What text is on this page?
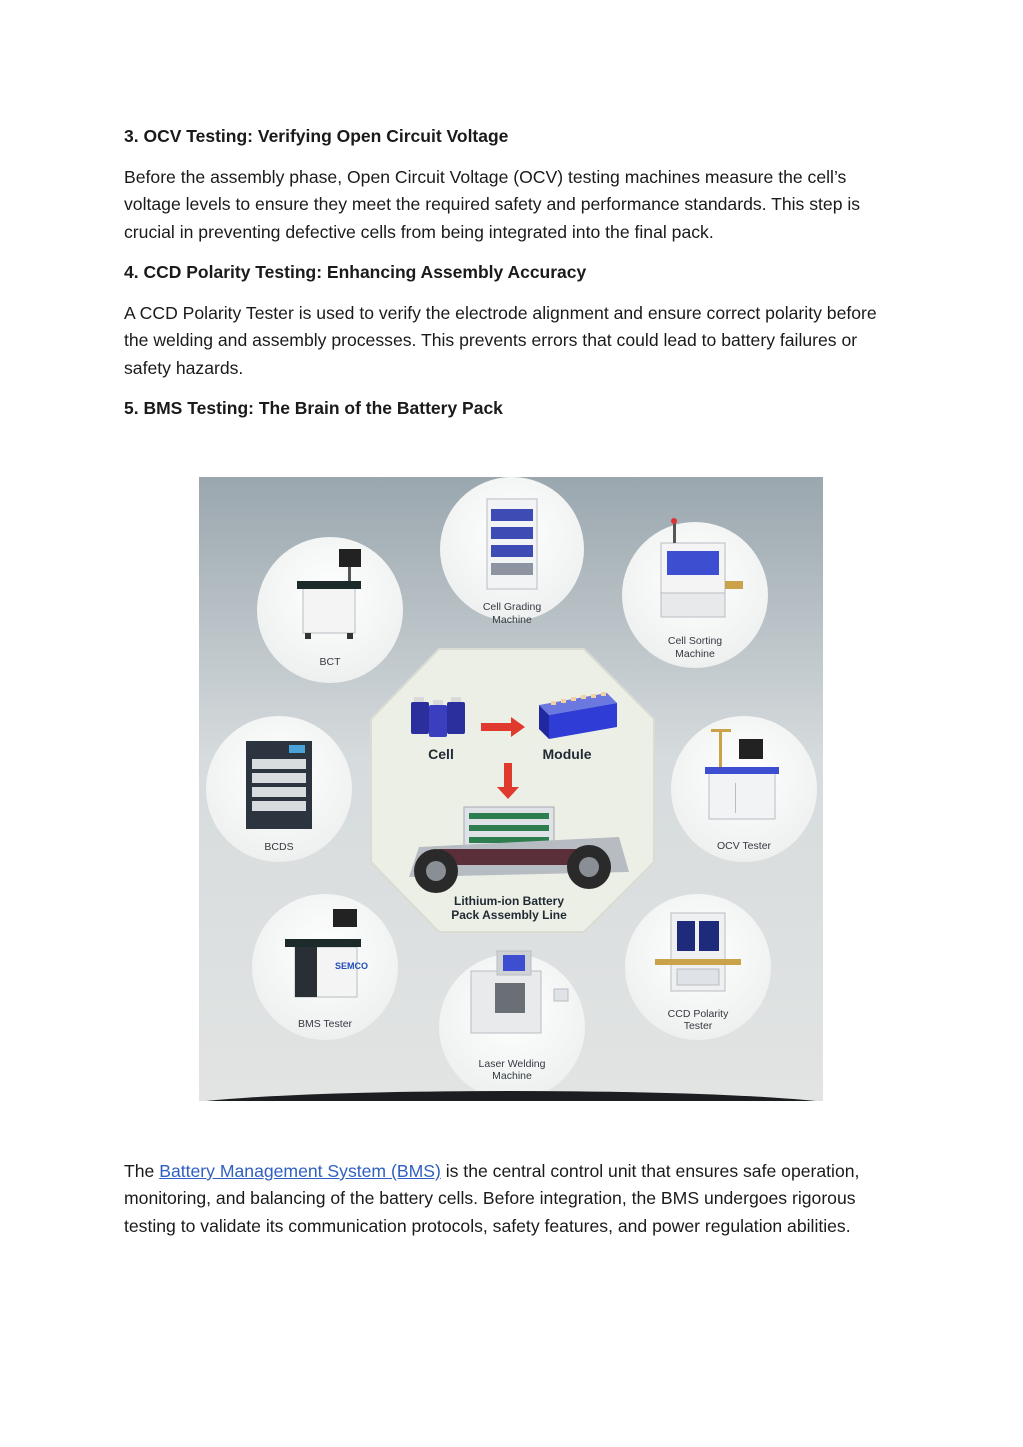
3. OCV Testing: Verifying Open Circuit Voltage

Before the assembly phase, Open Circuit Voltage (OCV) testing machines measure the cell’s voltage levels to ensure they meet the required safety and performance standards. This step is crucial in preventing defective cells from being integrated into the final pack.

4. CCD Polarity Testing: Enhancing Assembly Accuracy

A CCD Polarity Tester is used to verify the electrode alignment and ensure correct polarity before the welding and assembly processes. This prevents errors that could lead to battery failures or safety hazards.

5. BMS Testing: The Brain of the Battery Pack
Cell	Module
Lithium-ion Battery
Pack Assembly Line
BCT
Cell Grading
Machine
Cell Sorting
Machine
BCDS	OCV Tester
SEMCO
BMS Tester
Laser Welding
Machine
CCD Polarity
Tester

The Battery Management System (BMS) is the central control unit that ensures safe operation, monitoring, and balancing of the battery cells. Before integration, the BMS undergoes rigorous testing to validate its communication protocols, safety features, and power regulation abilities.
